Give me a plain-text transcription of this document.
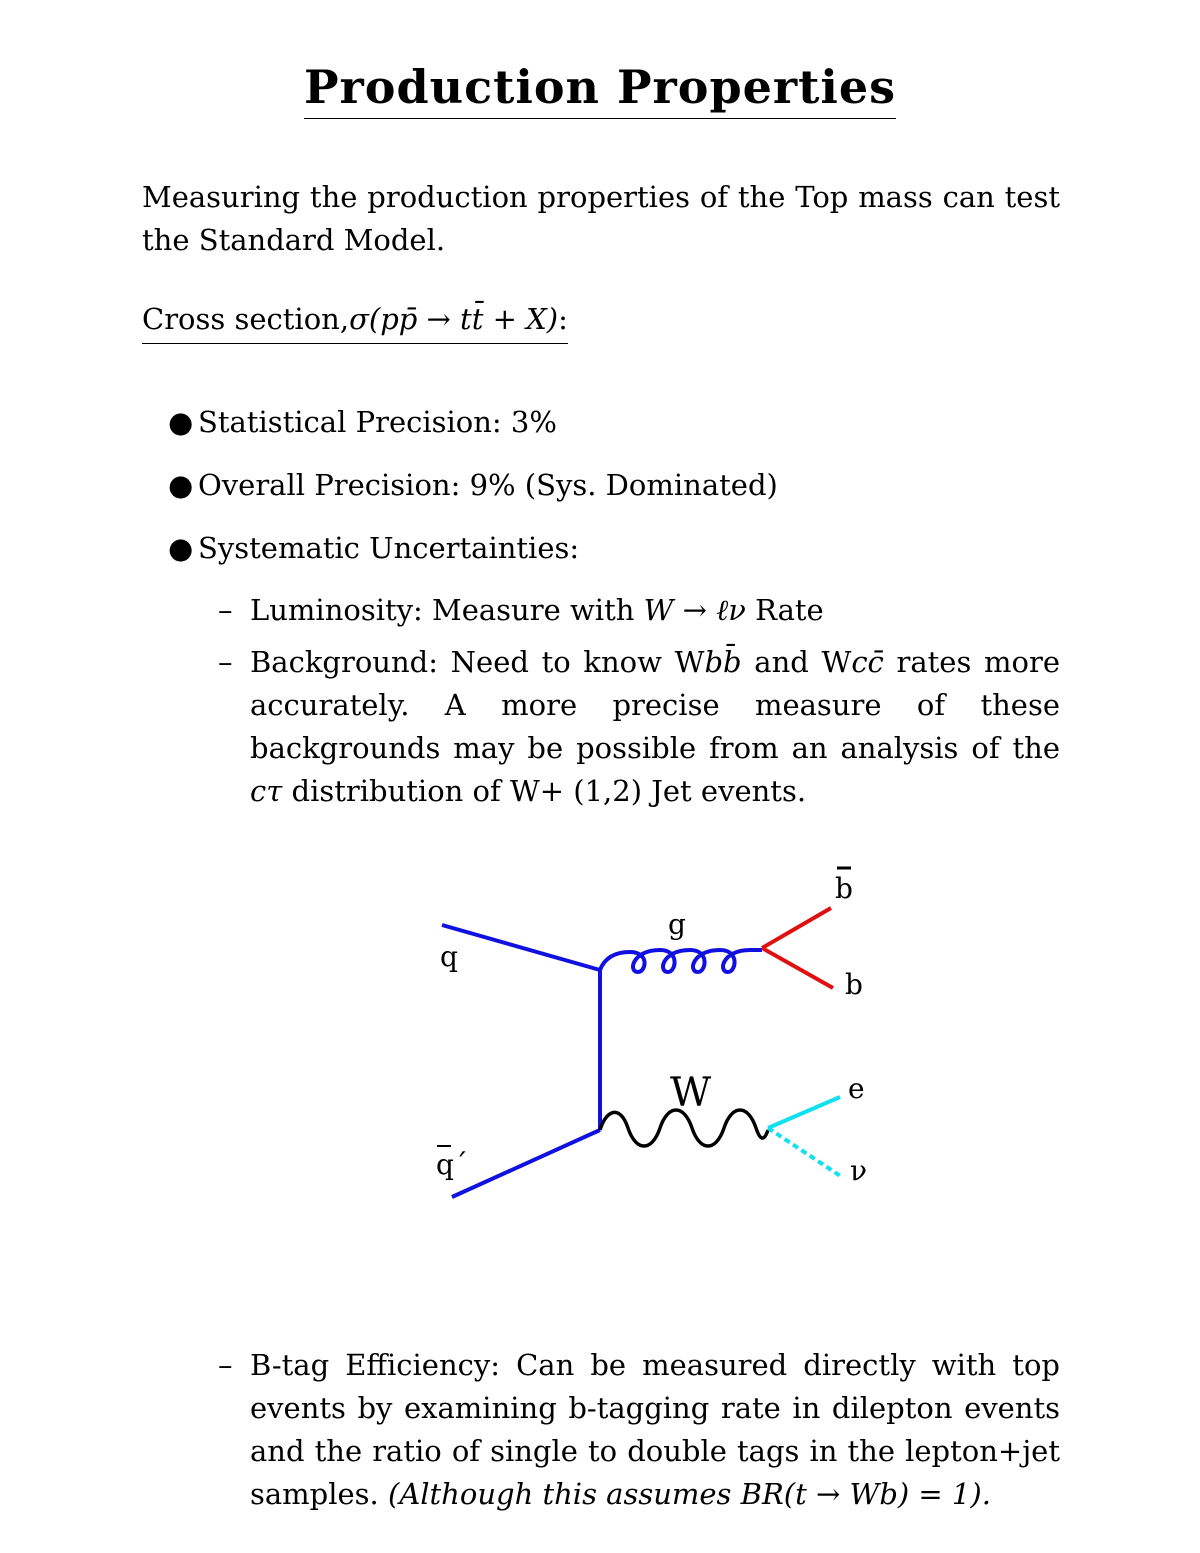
Production Properties
Measuring the production properties of the Top mass can test the Standard Model.
Cross section,σ(pp̄ → tt̄ + X):
● Statistical Precision: 3%
● Overall Precision: 9% (Sys. Dominated)
● Systematic Uncertainties:
– Luminosity: Measure with W → ℓν Rate
– Background: Need to know Wbb̄ and Wcc̄ rates more accurately. A more precise measure of these backgrounds may be possible from an analysis of the cτ distribution of W+ (1,2) Jet events.
q
q´
g
W
b
b
e
ν
– B-tag Efficiency: Can be measured directly with top events by examining b-tagging rate in dilepton events and the ratio of single to double tags in the lepton+jet samples. (Although this assumes BR(t → Wb) = 1).
